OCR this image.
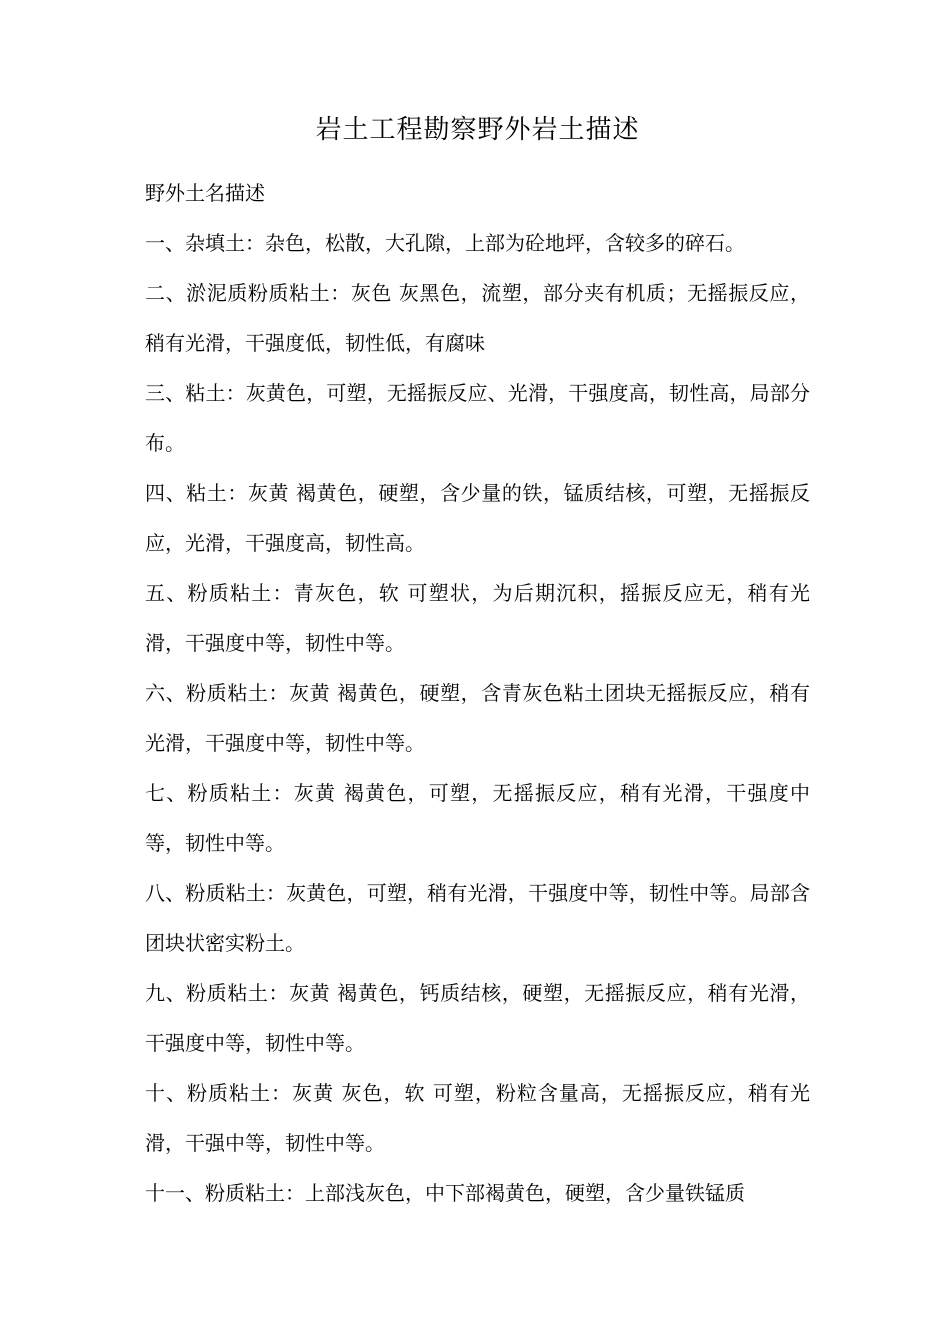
岩土工程勘察野外岩土描述

野外土名描述

一、杂填土：杂色，松散，大孔隙，上部为砼地坪，含较多的碎石。
二、淤泥质粉质粘土：灰色 灰黑色，流塑，部分夹有机质；无摇振反应，稍有光滑，干强度低，韧性低，有腐味
三、粘土：灰黄色，可塑，无摇振反应、光滑，干强度高，韧性高，局部分布。
四、粘土：灰黄 褐黄色，硬塑，含少量的铁，锰质结核，可塑，无摇振反应，光滑，干强度高，韧性高。
五、粉质粘土：青灰色，软 可塑状，为后期沉积，摇振反应无，稍有光滑，干强度中等，韧性中等。
六、粉质粘土：灰黄 褐黄色，硬塑，含青灰色粘土团块无摇振反应，稍有光滑，干强度中等，韧性中等。
七、粉质粘土：灰黄 褐黄色，可塑，无摇振反应，稍有光滑，干强度中等，韧性中等。
八、粉质粘土：灰黄色，可塑，稍有光滑，干强度中等，韧性中等。局部含团块状密实粉土。
九、粉质粘土：灰黄 褐黄色，钙质结核，硬塑，无摇振反应，稍有光滑，干强度中等，韧性中等。
十、粉质粘土：灰黄 灰色，软 可塑，粉粒含量高，无摇振反应，稍有光滑，干强中等，韧性中等。
十一、粉质粘土：上部浅灰色，中下部褐黄色，硬塑，含少量铁锰质
